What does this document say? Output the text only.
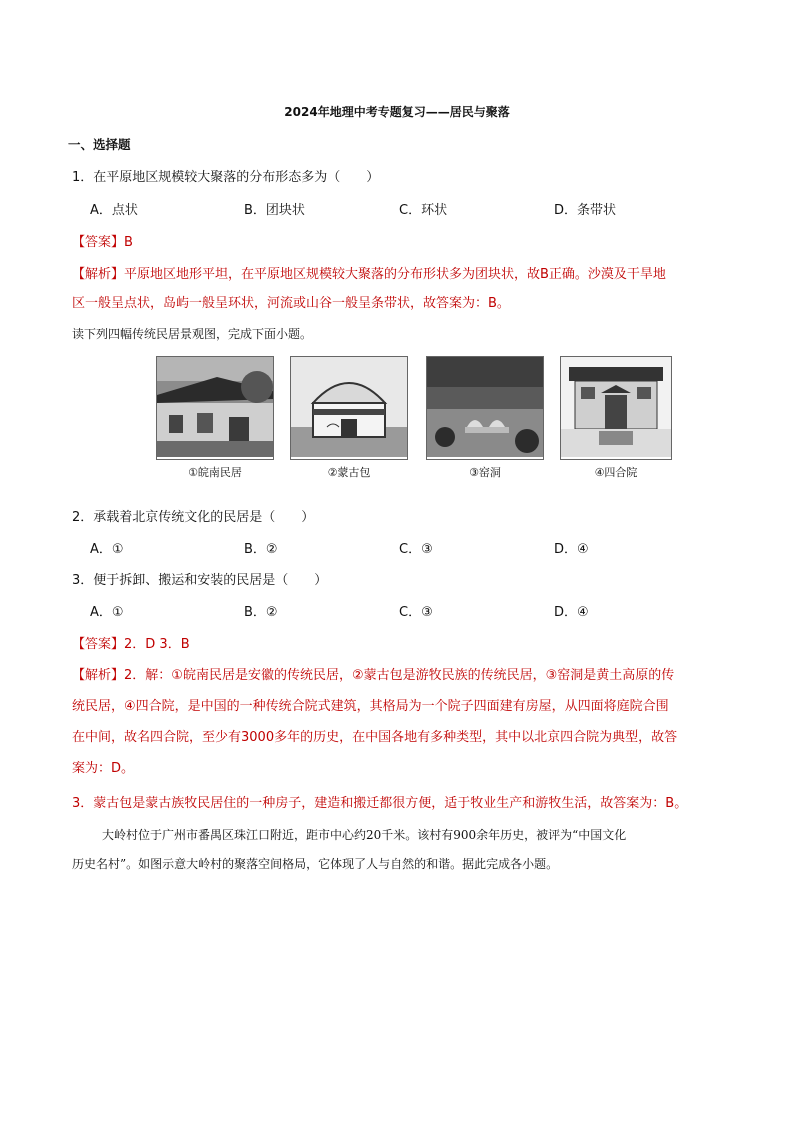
2024年地理中考专题复习——居民与聚落
一、选择题
1．在平原地区规模较大聚落的分布形态多为（　　）
A．点状	B．团块状	C．环状	D．条带状
【答案】B
【解析】平原地区地形平坦，在平原地区规模较大聚落的分布形状多为团块状，故B正确。沙漠及干旱地
区一般呈点状，岛屿一般呈环状，河流或山谷一般呈条带状，故答案为：B。
读下列四幅传统民居景观图，完成下面小题。
①皖南民居	②蒙古包	③窑洞	④四合院
2．承载着北京传统文化的民居是（　　）
A．①	B．②	C．③	D．④
3．便于拆卸、搬运和安装的民居是（　　）
A．①	B．②	C．③	D．④
【答案】2．D 3．B
【解析】2．解：①皖南民居是安徽的传统民居，②蒙古包是游牧民族的传统民居，③窑洞是黄土高原的传
统民居，④四合院，是中国的一种传统合院式建筑，其格局为一个院子四面建有房屋，从四面将庭院合围
在中间，故名四合院，至少有3000多年的历史，在中国各地有多种类型，其中以北京四合院为典型，故答
案为：D。
3．蒙古包是蒙古族牧民居住的一种房子，建造和搬迁都很方便，适于牧业生产和游牧生活，故答案为：B。
大岭村位于广州市番禺区珠江口附近，距市中心约20千米。该村有900余年历史，被评为“中国文化
历史名村”。如图示意大岭村的聚落空间格局，它体现了人与自然的和谐。据此完成各小题。
